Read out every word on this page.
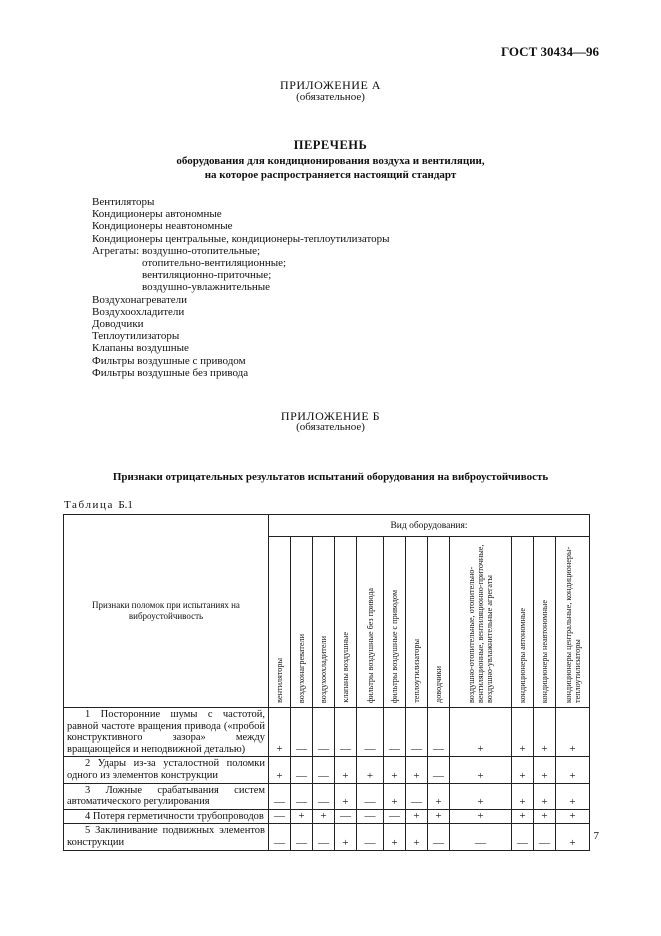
ГОСТ 30434—96
ПРИЛОЖЕНИЕ А
(обязательное)
ПЕРЕЧЕНЬ
оборудования для кондиционирования воздуха и вентиляции,
на которое распространяется настоящий стандарт
Вентиляторы
Кондиционеры автономные
Кондиционеры неавтономные
Кондиционеры центральные, кондиционеры-теплоутилизаторы
Агрегаты: воздушно-отопительные;
отопительно-вентиляционные;
вентиляционно-приточные;
воздушно-увлажнительные
Воздухонагреватели
Воздухоохладители
Доводчики
Теплоутилизаторы
Клапаны воздушные
Фильтры воздушные с приводом
Фильтры воздушные без привода
ПРИЛОЖЕНИЕ Б
(обязательное)
Признаки отрицательных результатов испытаний оборудования на виброустойчивость
Таблица Б.1
Признаки поломок при испытаниях на виброустойчивость	Вид оборудования:											

	вентиляторы	воздухонагреватели	воздухоохладители	клапаны воздушные	фильтры воздушные без привода	фильтры воздушные с приводом	теплоутилизаторы	доводчики	воздушно-отопительные, отопительно-вентиляционные, вентиляционно-приточные, воздушно-увлажнительные агрегаты	кондиционеры автономные	кондиционеры неавтономные	кондиционеры центральные, кондиционеры-теплоутилизаторы

1 Посторонние шумы с частотой, равной частоте вращения привода («пробой конструктивного зазора» между вращающейся и неподвижной деталью)	+	—	—	—	—	—	—	—	+	+	+	+

2 Удары из-за усталостной поломки одного из элементов конструкции	+	—	—	+	+	+	+	—	+	+	+	+

3 Ложные срабатывания систем автоматического регулирования	—	—	—	+	—	+	—	+	+	+	+	+

4 Потеря герметичности трубопроводов	—	+	+	—	—	—	+	+	+	+	+	+

5 Заклинивание подвижных элементов конструкции	—	—	—	+	—	+	+	—	—	—	—	+
7
